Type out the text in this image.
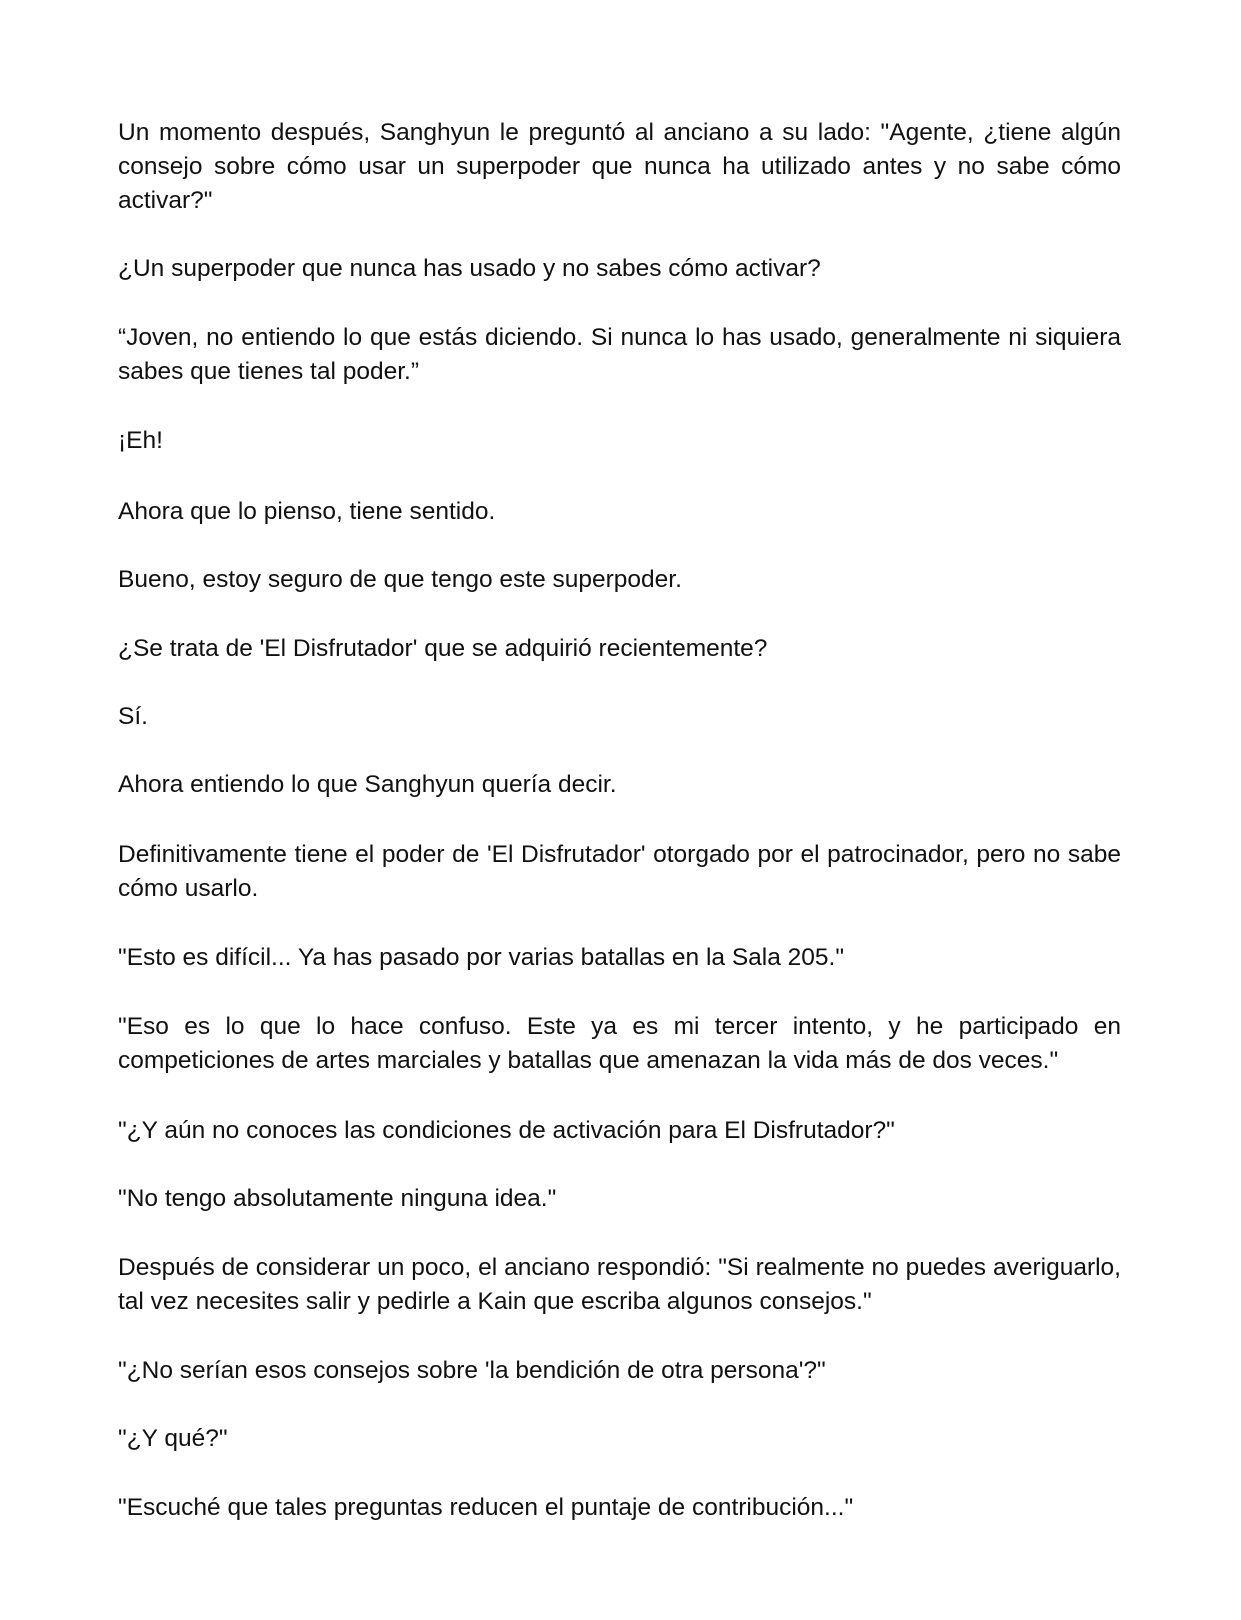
Un momento después, Sanghyun le preguntó al anciano a su lado: "Agente, ¿tiene algún consejo sobre cómo usar un superpoder que nunca ha utilizado antes y no sabe cómo activar?"

¿Un superpoder que nunca has usado y no sabes cómo activar?

“Joven, no entiendo lo que estás diciendo. Si nunca lo has usado, generalmente ni siquiera sabes que tienes tal poder.”

¡Eh!

Ahora que lo pienso, tiene sentido.

Bueno, estoy seguro de que tengo este superpoder.

¿Se trata de 'El Disfrutador' que se adquirió recientemente?

Sí.

Ahora entiendo lo que Sanghyun quería decir.

Definitivamente tiene el poder de 'El Disfrutador' otorgado por el patrocinador, pero no sabe cómo usarlo.

"Esto es difícil... Ya has pasado por varias batallas en la Sala 205."

"Eso es lo que lo hace confuso. Este ya es mi tercer intento, y he participado en competiciones de artes marciales y batallas que amenazan la vida más de dos veces."

"¿Y aún no conoces las condiciones de activación para El Disfrutador?"

"No tengo absolutamente ninguna idea."

Después de considerar un poco, el anciano respondió: "Si realmente no puedes averiguarlo, tal vez necesites salir y pedirle a Kain que escriba algunos consejos."

"¿No serían esos consejos sobre 'la bendición de otra persona'?"

"¿Y qué?"

"Escuché que tales preguntas reducen el puntaje de contribución..."
